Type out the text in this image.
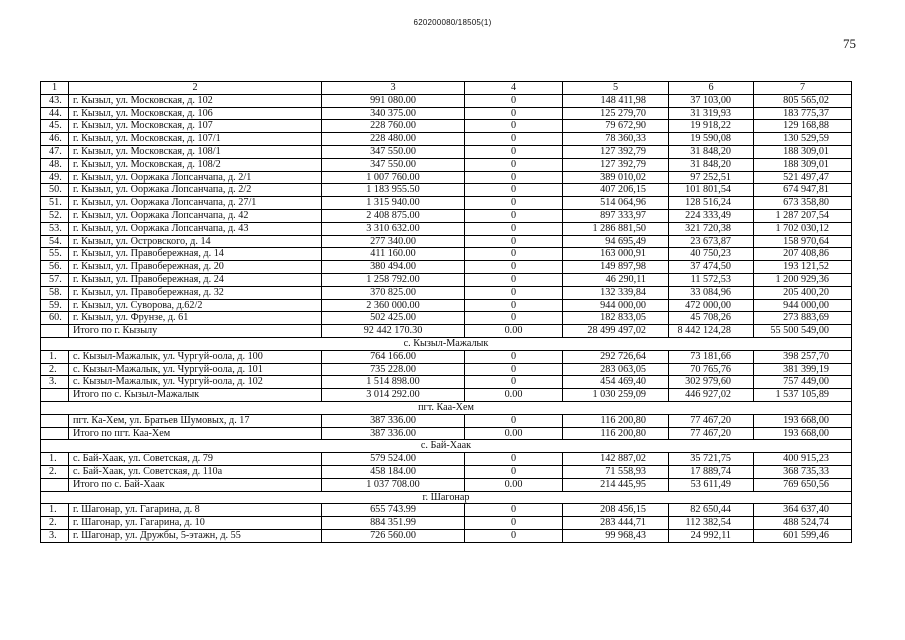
620200080/18505(1)
75
1	2	3	4	5	6	7
43.	г. Кызыл, ул. Московская, д. 102	991 080.00	0	148 411,98	37 103,00	805 565,02
44.	г. Кызыл, ул. Московская, д. 106	340 375.00	0	125 279,70	31 319,93	183 775,37
45.	г. Кызыл, ул. Московская, д. 107	228 760.00	0	79 672,90	19 918,22	129 168,88
46.	г. Кызыл, ул. Московская, д. 107/1	228 480.00	0	78 360,33	19 590,08	130 529,59
47.	г. Кызыл, ул. Московская, д. 108/1	347 550.00	0	127 392,79	31 848,20	188 309,01
48.	г. Кызыл, ул. Московская, д. 108/2	347 550.00	0	127 392,79	31 848,20	188 309,01
49.	г. Кызыл, ул. Ооржака Лопсанчапа, д. 2/1	1 007 760.00	0	389 010,02	97 252,51	521 497,47
50.	г. Кызыл, ул. Ооржака Лопсанчапа, д. 2/2	1 183 955.50	0	407 206,15	101 801,54	674 947,81
51.	г. Кызыл, ул. Ооржака Лопсанчапа, д. 27/1	1 315 940.00	0	514 064,96	128 516,24	673 358,80
52.	г. Кызыл, ул. Ооржака Лопсанчапа, д. 42	2 408 875.00	0	897 333,97	224 333,49	1 287 207,54
53.	г. Кызыл, ул. Ооржака Лопсанчапа, д. 43	3 310 632.00	0	1 286 881,50	321 720,38	1 702 030,12
54.	г. Кызыл, ул. Островского, д. 14	277 340.00	0	94 695,49	23 673,87	158 970,64
55.	г. Кызыл, ул. Правобережная, д. 14	411 160.00	0	163 000,91	40 750,23	207 408,86
56.	г. Кызыл, ул. Правобережная, д. 20	380 494.00	0	149 897,98	37 474,50	193 121,52
57.	г. Кызыл, ул. Правобережная, д. 24	1 258 792.00	0	46 290,11	11 572,53	1 200 929,36
58.	г. Кызыл, ул. Правобережная, д. 32	370 825.00	0	132 339,84	33 084,96	205 400,20
59.	г. Кызыл, ул. Суворова, д.62/2	2 360 000.00	0	944 000,00	472 000,00	944 000,00
60.	г. Кызыл, ул. Фрунзе, д. 61	502 425.00	0	182 833,05	45 708,26	273 883,69
	Итого по г. Кызылу	92 442 170.30	0.00	28 499 497,02	8 442 124,28	55 500 549,00
с. Кызыл-Мажалык						
1.	с. Кызыл-Мажалык, ул. Чургуй-оола, д. 100	764 166.00	0	292 726,64	73 181,66	398 257,70
2.	с. Кызыл-Мажалык, ул. Чургуй-оола, д. 101	735 228.00	0	283 063,05	70 765,76	381 399,19
3.	с. Кызыл-Мажалык, ул. Чургуй-оола, д. 102	1 514 898.00	0	454 469,40	302 979,60	757 449,00
	Итого по с. Кызыл-Мажалык	3 014 292.00	0.00	1 030 259,09	446 927,02	1 537 105,89
пгт. Каа-Хем						
	пгт. Ка-Хем, ул. Братьев Шумовых, д. 17	387 336.00	0	116 200,80	77 467,20	193 668,00
	Итого по пгт. Каа-Хем	387 336.00	0.00	116 200,80	77 467,20	193 668,00
с. Бай-Хаак						
1.	с. Бай-Хаак, ул. Советская, д. 79	579 524.00	0	142 887,02	35 721,75	400 915,23
2.	с. Бай-Хаак, ул. Советская, д. 110а	458 184.00	0	71 558,93	17 889,74	368 735,33
	Итого по с. Бай-Хаак	1 037 708.00	0.00	214 445,95	53 611,49	769 650,56
г. Шагонар						
1.	г. Шагонар, ул. Гагарина, д. 8	655 743.99	0	208 456,15	82 650,44	364 637,40
2.	г. Шагонар, ул. Гагарина, д. 10	884 351.99	0	283 444,71	112 382,54	488 524,74
3.	г. Шагонар, ул. Дружбы, 5-этажн, д. 55	726 560.00	0	99 968,43	24 992,11	601 599,46
